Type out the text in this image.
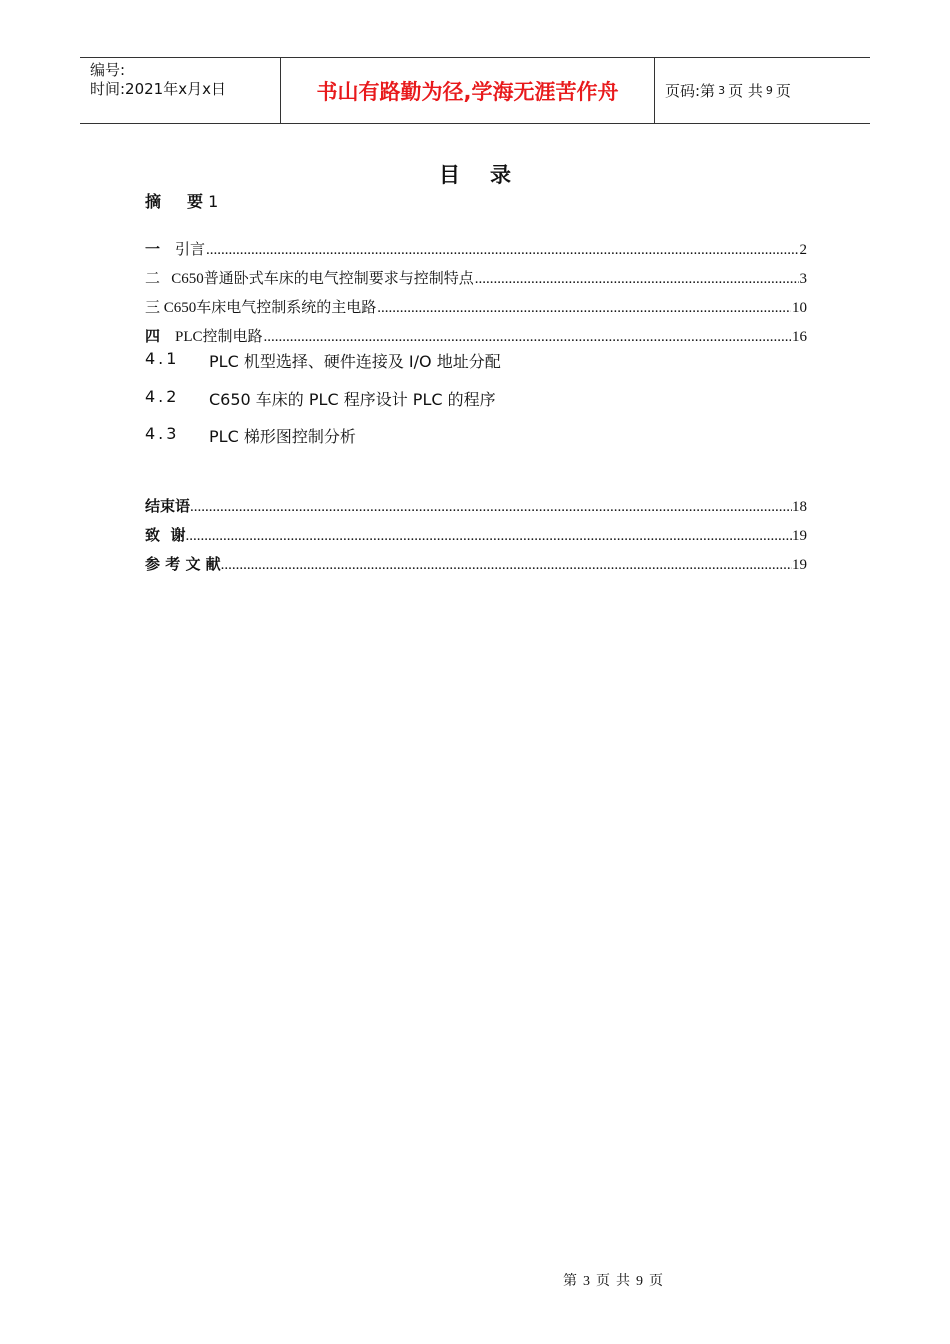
编号:
时间:2021年x月x日	书山有路勤为径,学海无涯苦作舟	页码:第 3 页 共 9 页
目录
摘 要 1
一 引言 .....	2
二 C650普通卧式车床的电气控制要求与控制特点 .....	3
三 C650车床电气控制系统的主电路 .....	10
四 PLC控制电路 .....	16
4.1	PLC 机型选择、硬件连接及 I/O 地址分配
4.2	C650 车床的 PLC 程序设计 PLC 的程序
4.3	PLC 梯形图控制分析
结束语 .....	18
致  谢 .....	19
参 考 文 献 .....	19
第 3 页 共 9 页
